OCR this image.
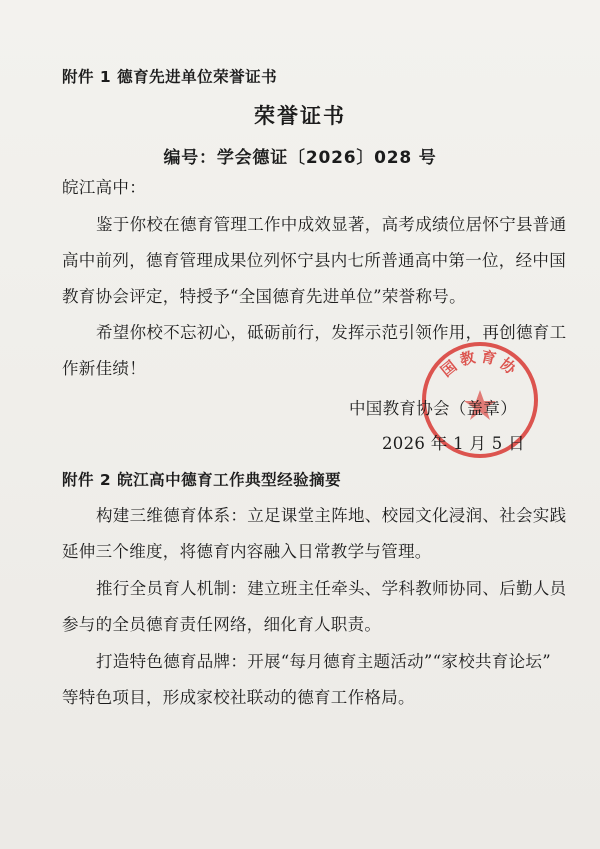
附件 1 德育先进单位荣誉证书
荣誉证书
编号：学会德证〔2026〕028 号
皖江高中：
鉴于你校在德育管理工作中成效显著，高考成绩位居怀宁县普通
高中前列，德育管理成果位列怀宁县内七所普通高中第一位，经中国
教育协会评定，特授予“全国德育先进单位”荣誉称号。
希望你校不忘初心，砥砺前行，发挥示范引领作用，再创德育工
作新佳绩！	国教育协
中国教育协会（盖章）
2026 年 1 月 5 日
附件 2 皖江高中德育工作典型经验摘要
构建三维德育体系：立足课堂主阵地、校园文化浸润、社会实践
延伸三个维度，将德育内容融入日常教学与管理。
推行全员育人机制：建立班主任牵头、学科教师协同、后勤人员
参与的全员德育责任网络，细化育人职责。
打造特色德育品牌：开展“每月德育主题活动”“家校共育论坛”
等特色项目，形成家校社联动的德育工作格局。
